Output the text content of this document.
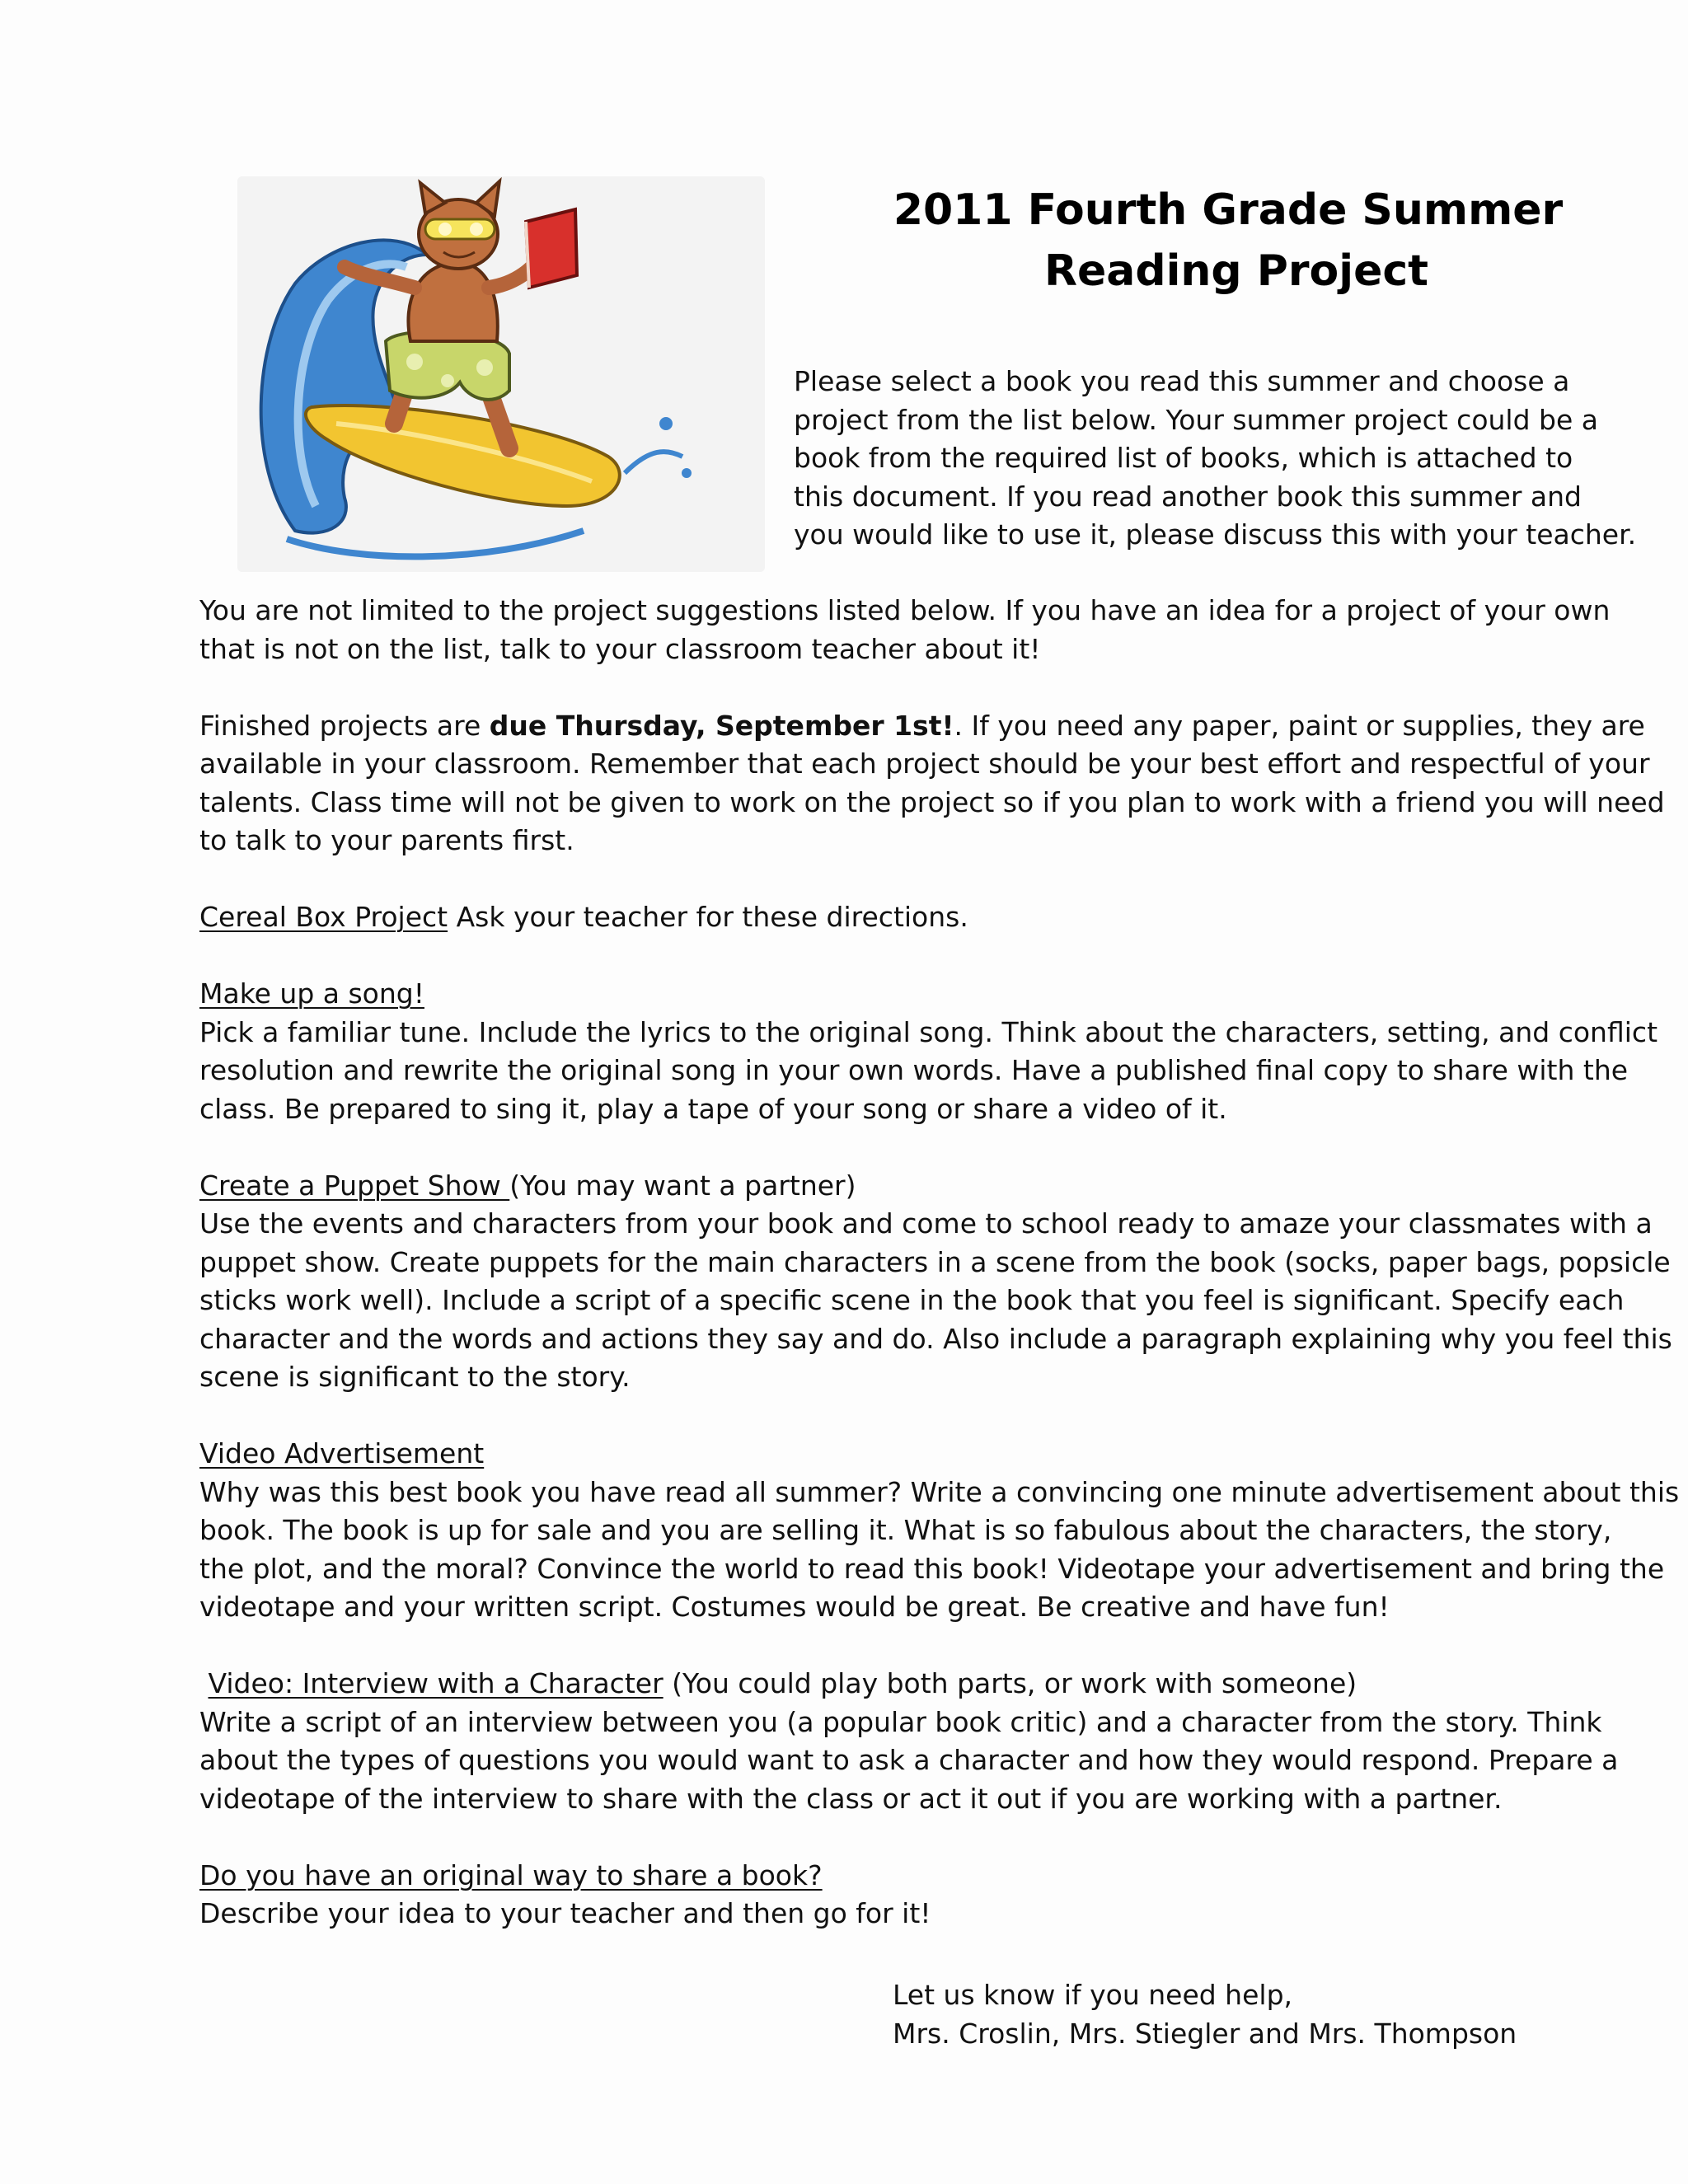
2011 Fourth Grade Summer
Reading Project
Please select a book you read this summer and choose a
project from the list below. Your summer project could be a
book from the required list of books, which is attached to
this document. If you read another book this summer and
you would like to use it, please discuss this with your teacher.

You are not limited to the project suggestions listed below. If you have an idea for a project of your own
that is not on the list, talk to your classroom teacher about it!

Finished projects are due Thursday, September 1st!. If you need any paper, paint or supplies, they are
available in your classroom. Remember that each project should be your best effort and respectful of your
talents. Class time will not be given to work on the project so if you plan to work with a friend you will need
to talk to your parents first.

Cereal Box Project Ask your teacher for these directions.

Make up a song!
Pick a familiar tune. Include the lyrics to the original song. Think about the characters, setting, and conflict
resolution and rewrite the original song in your own words. Have a published final copy to share with the
class. Be prepared to sing it, play a tape of your song or share a video of it.

Create a Puppet Show (You may want a partner)
Use the events and characters from your book and come to school ready to amaze your classmates with a
puppet show. Create puppets for the main characters in a scene from the book (socks, paper bags, popsicle
sticks work well). Include a script of a specific scene in the book that you feel is significant. Specify each
character and the words and actions they say and do. Also include a paragraph explaining why you feel this
scene is significant to the story.

Video Advertisement
Why was this best book you have read all summer? Write a convincing one minute advertisement about this
book. The book is up for sale and you are selling it. What is so fabulous about the characters, the story,
the plot, and the moral? Convince the world to read this book! Videotape your advertisement and bring the
videotape and your written script. Costumes would be great. Be creative and have fun!

Video: Interview with a Character (You could play both parts, or work with someone)
Write a script of an interview between you (a popular book critic) and a character from the story. Think
about the types of questions you would want to ask a character and how they would respond. Prepare a
videotape of the interview to share with the class or act it out if you are working with a partner.

Do you have an original way to share a book?
Describe your idea to your teacher and then go for it!

Let us know if you need help,
Mrs. Croslin, Mrs. Stiegler and Mrs. Thompson
